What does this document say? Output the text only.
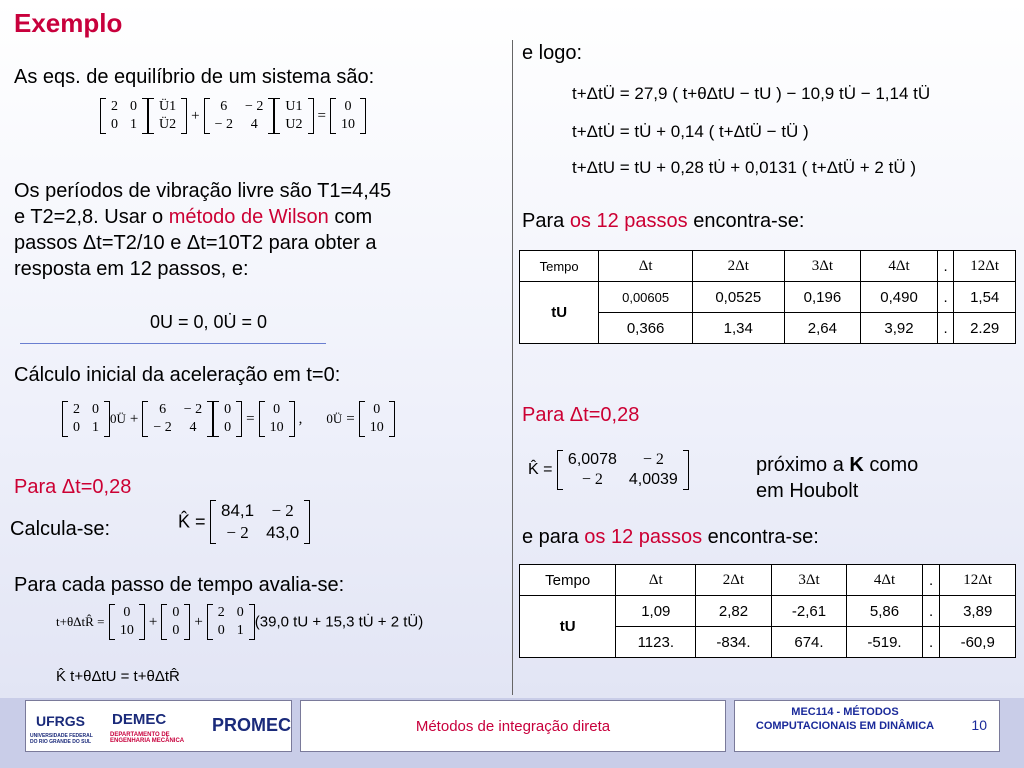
Exemplo
As eqs. de equilíbrio de um sistema são:
2	0
0	1
Ü1
Ü2
+
6	− 2
− 2	4
U1
U2
=
0
10
Os períodos de vibração livre são T1=4,45
e T2=2,8. Usar o método de Wilson com
passos Δt=T2/10 e Δt=10T2 para obter a
resposta em 12 passos, e:
0U = 0, 0U̇ = 0
Cálculo inicial da aceleração em t=0:
2	0
0	1
0Ü +
6	− 2
− 2	4
0
0
=
0
10
, 0Ü =
0
10
Para Δt=0,28
Calcula-se:	K̂ =
84,1	− 2
− 2	43,0
Para cada passo de tempo avalia-se:
t+θΔtR̂ =
0
10
+
0
0
+
2	0
0	1 (39,0 tU + 15,3 tU̇ + 2 tÜ)
K̂ t+θΔtU = t+θΔtR̂
e logo:
t+ΔtÜ = 27,9 ( t+θΔtU − tU ) − 10,9 tU̇ − 1,14 tÜ
t+ΔtU̇ = tU̇ + 0,14 ( t+ΔtÜ − tÜ )
t+ΔtU = tU + 0,28 tU̇ + 0,0131 ( t+ΔtÜ + 2 tÜ )
Para os 12 passos encontra-se:
Tempo	Δt	2Δt	3Δt	4Δt	.	12Δt
tU	0,00605	0,0525	0,196	0,490	.	1,54
	0,366	1,34	2,64	3,92	.	2.29
Para Δt=0,28
K̂ =
6,0078	− 2
− 2	4,0039
próximo a K como
em Houbolt
e para os 12 passos encontra-se:
Tempo	Δt	2Δt	3Δt	4Δt	.	12Δt
tU	1,09	2,82	-2,61	5,86	.	3,89
	1123.	-834.	674.	-519.	.	-60,9
UFRGS
UNIVERSIDADE FEDERAL DO RIO GRANDE DO SUL
DEMEC
DEPARTAMENTO DE ENGENHARIA MECÂNICA
PROMEC	Métodos de integração direta
MEC114 - MÉTODOS COMPUTACIONAIS EM DINÂMICA	10
